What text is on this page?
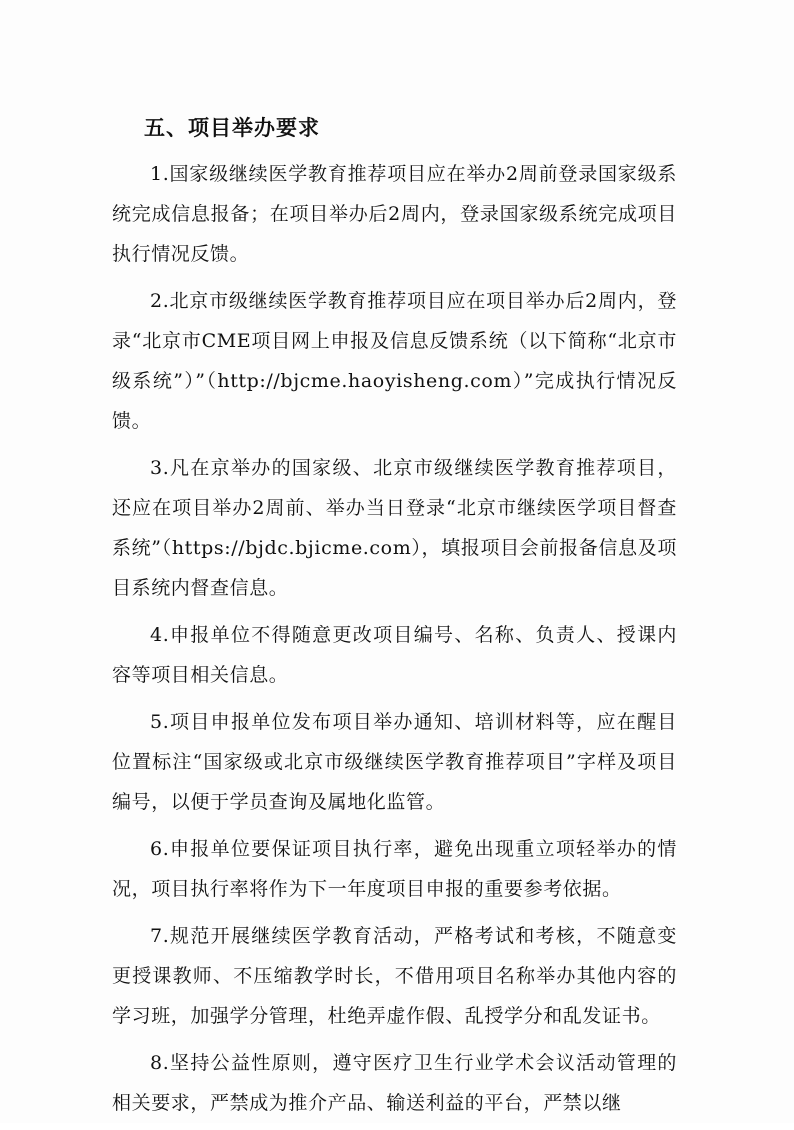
五、项目举办要求

1.国家级继续医学教育推荐项目应在举办2周前登录国家级系统完成信息报备；在项目举办后2周内，登录国家级系统完成项目执行情况反馈。

2.北京市级继续医学教育推荐项目应在项目举办后2周内，登录“北京市CME项目网上申报及信息反馈系统（以下简称“北京市级系统”）”（http://bjcme.haoyisheng.com）”完成执行情况反馈。

3.凡在京举办的国家级、北京市级继续医学教育推荐项目，还应在项目举办2周前、举办当日登录“北京市继续医学项目督查系统”（https://bjdc.bjicme.com），填报项目会前报备信息及项目系统内督查信息。

4.申报单位不得随意更改项目编号、名称、负责人、授课内容等项目相关信息。

5.项目申报单位发布项目举办通知、培训材料等，应在醒目位置标注“国家级或北京市级继续医学教育推荐项目”字样及项目编号，以便于学员查询及属地化监管。

6.申报单位要保证项目执行率，避免出现重立项轻举办的情况，项目执行率将作为下一年度项目申报的重要参考依据。

7.规范开展继续医学教育活动，严格考试和考核，不随意变更授课教师、不压缩教学时长，不借用项目名称举办其他内容的学习班，加强学分管理，杜绝弄虚作假、乱授学分和乱发证书。

8.坚持公益性原则，遵守医疗卫生行业学术会议活动管理的相关要求，严禁成为推介产品、输送利益的平台，严禁以继
